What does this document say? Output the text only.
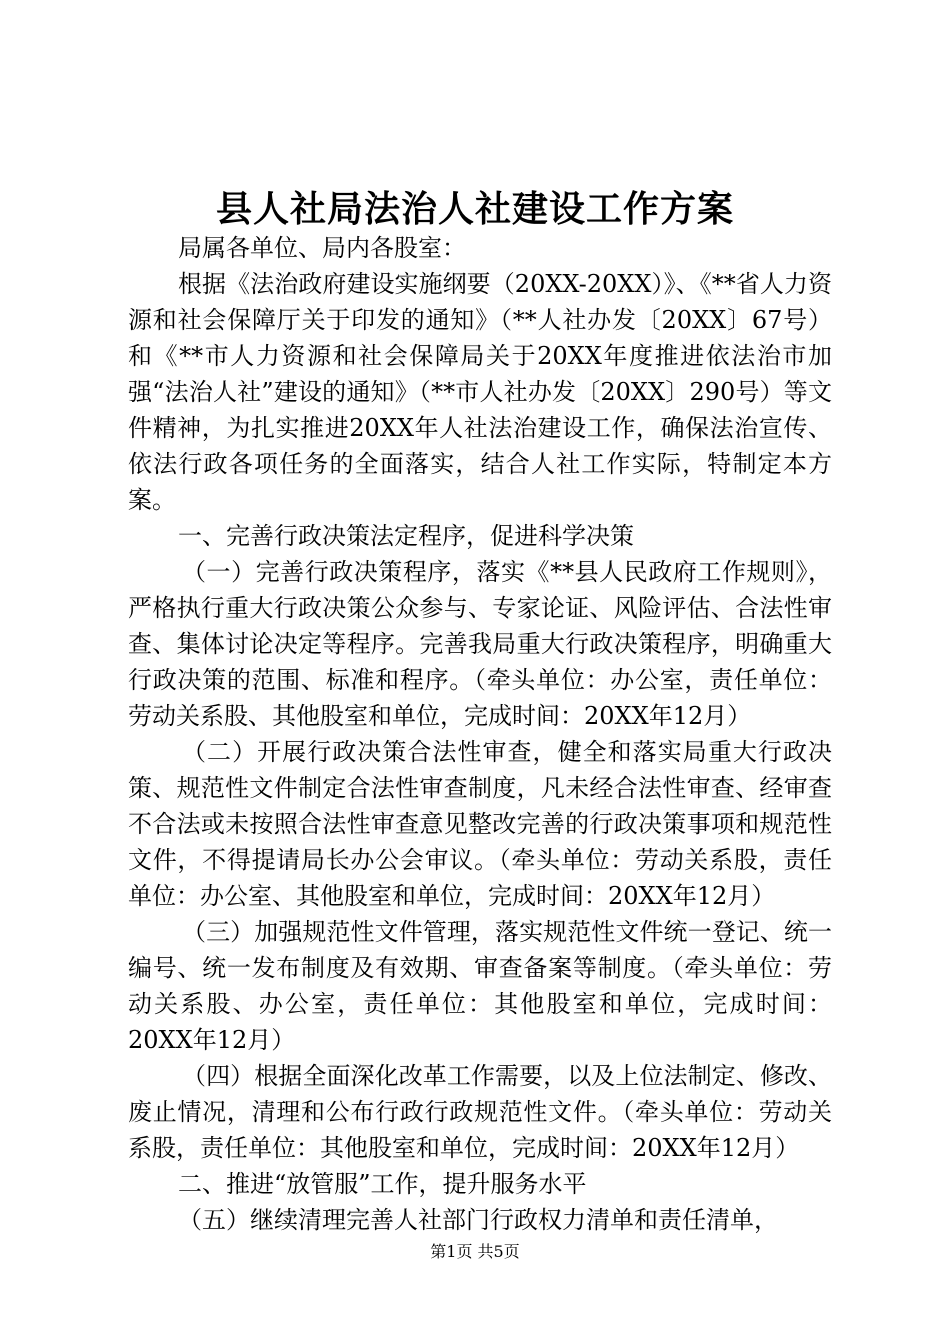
县人社局法治人社建设工作方案

局属各单位、局内各股室：

根据《法治政府建设实施纲要（20XX-20XX）》、《**省人力资源和社会保障厅关于印发的通知》（**人社办发〔20XX〕67号）和《**市人力资源和社会保障局关于20XX年度推进依法治市加强“法治人社”建设的通知》（**市人社办发〔20XX〕290号）等文件精神，为扎实推进20XX年人社法治建设工作，确保法治宣传、依法行政各项任务的全面落实，结合人社工作实际，特制定本方案。

一、完善行政决策法定程序，促进科学决策

（一）完善行政决策程序，落实《**县人民政府工作规则》，严格执行重大行政决策公众参与、专家论证、风险评估、合法性审查、集体讨论决定等程序。完善我局重大行政决策程序，明确重大行政决策的范围、标准和程序。（牵头单位：办公室，责任单位：劳动关系股、其他股室和单位，完成时间：20XX年12月）

（二）开展行政决策合法性审查，健全和落实局重大行政决策、规范性文件制定合法性审查制度，凡未经合法性审查、经审查不合法或未按照合法性审查意见整改完善的行政决策事项和规范性文件，不得提请局长办公会审议。（牵头单位：劳动关系股，责任单位：办公室、其他股室和单位，完成时间：20XX年12月）

（三）加强规范性文件管理，落实规范性文件统一登记、统一编号、统一发布制度及有效期、审查备案等制度。（牵头单位：劳动关系股、办公室，责任单位：其他股室和单位，完成时间：20XX年12月）

（四）根据全面深化改革工作需要，以及上位法制定、修改、废止情况，清理和公布行政行政规范性文件。（牵头单位：劳动关系股，责任单位：其他股室和单位，完成时间：20XX年12月）

二、推进“放管服”工作，提升服务水平

（五）继续清理完善人社部门行政权力清单和责任清单，

第1页 共5页
